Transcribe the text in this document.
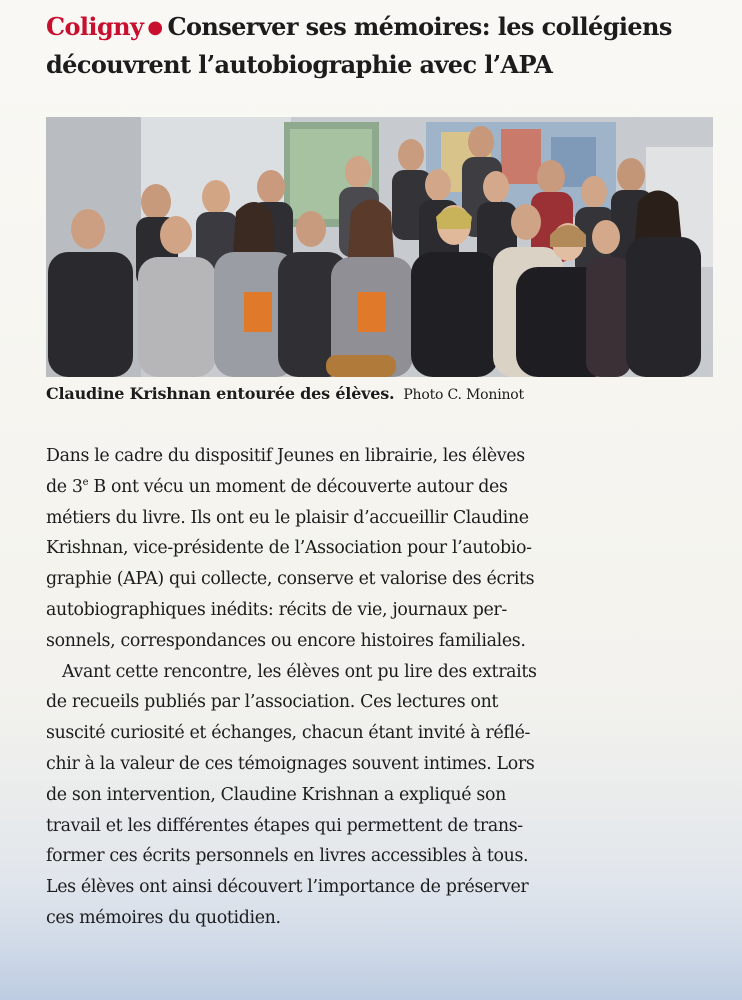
Coligny ● Conserver ses mémoires: les collégiens
découvrent l’autobiographie avec l’APA
Claudine Krishnan entourée des élèves. Photo C. Moninot
Dans le cadre du dispositif Jeunes en librairie, les élèves
de 3e B ont vécu un moment de découverte autour des
métiers du livre. Ils ont eu le plaisir d’accueillir Claudine
Krishnan, vice-présidente de l’Association pour l’autobio-
graphie (APA) qui collecte, conserve et valorise des écrits
autobiographiques inédits: récits de vie, journaux per-
sonnels, correspondances ou encore histoires familiales.
Avant cette rencontre, les élèves ont pu lire des extraits
de recueils publiés par l’association. Ces lectures ont
suscité curiosité et échanges, chacun étant invité à réflé-
chir à la valeur de ces témoignages souvent intimes. Lors
de son intervention, Claudine Krishnan a expliqué son
travail et les différentes étapes qui permettent de trans-
former ces écrits personnels en livres accessibles à tous.
Les élèves ont ainsi découvert l’importance de préserver
ces mémoires du quotidien.
